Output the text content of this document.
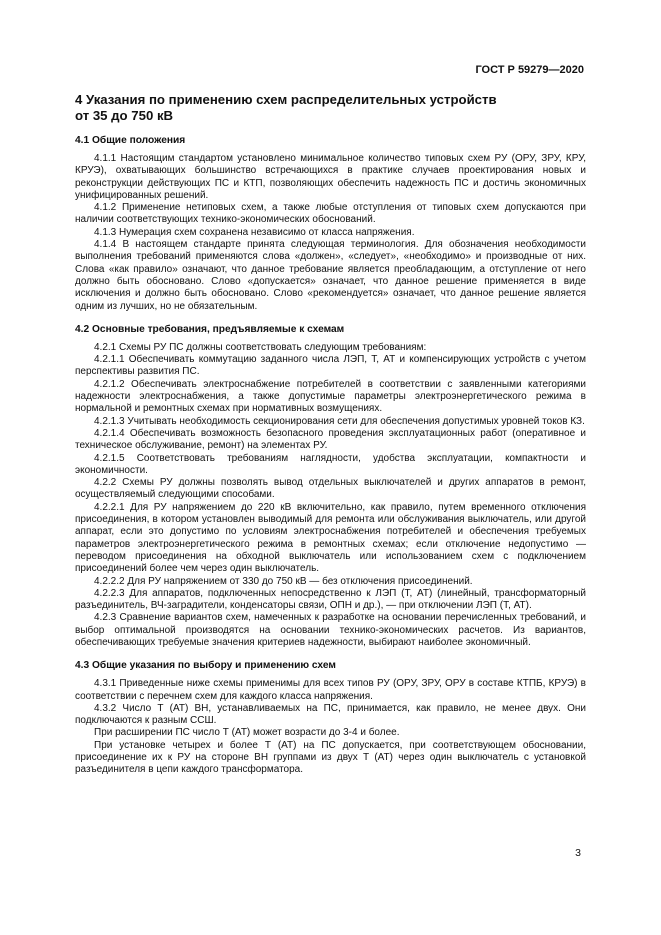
ГОСТ Р 59279—2020
4 Указания по применению схем распределительных устройств
от 35 до 750 кВ
4.1 Общие положения

4.1.1 Настоящим стандартом установлено минимальное количество типовых схем РУ (ОРУ, ЗРУ, КРУ, КРУЭ), охватывающих большинство встречающихся в практике случаев проектирования новых и реконструкции действующих ПС и КТП, позволяющих обеспечить надежность ПС и достичь экономичных унифицированных решений.

4.1.2 Применение нетиповых схем, а также любые отступления от типовых схем допускаются при наличии соответствующих технико-экономических обоснований.

4.1.3 Нумерация схем сохранена независимо от класса напряжения.

4.1.4 В настоящем стандарте принята следующая терминология. Для обозначения необходимости выполнения требований применяются слова «должен», «следует», «необходимо» и производные от них. Слова «как правило» означают, что данное требование является преобладающим, а отступление от него должно быть обосновано. Слово «допускается» означает, что данное решение применяется в виде исключения и должно быть обосновано. Слово «рекомендуется» означает, что данное решение является одним из лучших, но не обязательным.

4.2 Основные требования, предъявляемые к схемам

4.2.1 Схемы РУ ПС должны соответствовать следующим требованиям:

4.2.1.1 Обеспечивать коммутацию заданного числа ЛЭП, Т, АТ и компенсирующих устройств с учетом перспективы развития ПС.

4.2.1.2 Обеспечивать электроснабжение потребителей в соответствии с заявленными категориями надежности электроснабжения, а также допустимые параметры электроэнергетического режима в нормальной и ремонтных схемах при нормативных возмущениях.

4.2.1.3 Учитывать необходимость секционирования сети для обеспечения допустимых уровней токов КЗ.

4.2.1.4 Обеспечивать возможность безопасного проведения эксплуатационных работ (оперативное и техническое обслуживание, ремонт) на элементах РУ.

4.2.1.5 Соответствовать требованиям наглядности, удобства эксплуатации, компактности и экономичности.

4.2.2 Схемы РУ должны позволять вывод отдельных выключателей и других аппаратов в ремонт, осуществляемый следующими способами.

4.2.2.1 Для РУ напряжением до 220 кВ включительно, как правило, путем временного отключения присоединения, в котором установлен выводимый для ремонта или обслуживания выключатель, или другой аппарат, если это допустимо по условиям электроснабжения потребителей и обеспечения требуемых параметров электроэнергетического режима в ремонтных схемах; если отключение недопустимо — переводом присоединения на обходной выключатель или использованием схем с подключением присоединений более чем через один выключатель.

4.2.2.2 Для РУ напряжением от 330 до 750 кВ — без отключения присоединений.

4.2.2.3 Для аппаратов, подключенных непосредственно к ЛЭП (Т, АТ) (линейный, трансформаторный разъединитель, ВЧ-заградители, конденсаторы связи, ОПН и др.), — при отключении ЛЭП (Т, АТ).

4.2.3 Сравнение вариантов схем, намеченных к разработке на основании перечисленных требований, и выбор оптимальной производятся на основании технико-экономических расчетов. Из вариантов, обеспечивающих требуемые значения критериев надежности, выбирают наиболее экономичный.

4.3 Общие указания по выбору и применению схем

4.3.1 Приведенные ниже схемы применимы для всех типов РУ (ОРУ, ЗРУ, ОРУ в составе КТПБ, КРУЭ) в соответствии с перечнем схем для каждого класса напряжения.

4.3.2 Число Т (АТ) ВН, устанавливаемых на ПС, принимается, как правило, не менее двух. Они подключаются к разным ССШ.

При расширении ПС число Т (АТ) может возрасти до 3-4 и более.

При установке четырех и более Т (АТ) на ПС допускается, при соответствующем обосновании, присоединение их к РУ на стороне ВН группами из двух Т (АТ) через один выключатель с установкой разъединителя в цепи каждого трансформатора.

3
